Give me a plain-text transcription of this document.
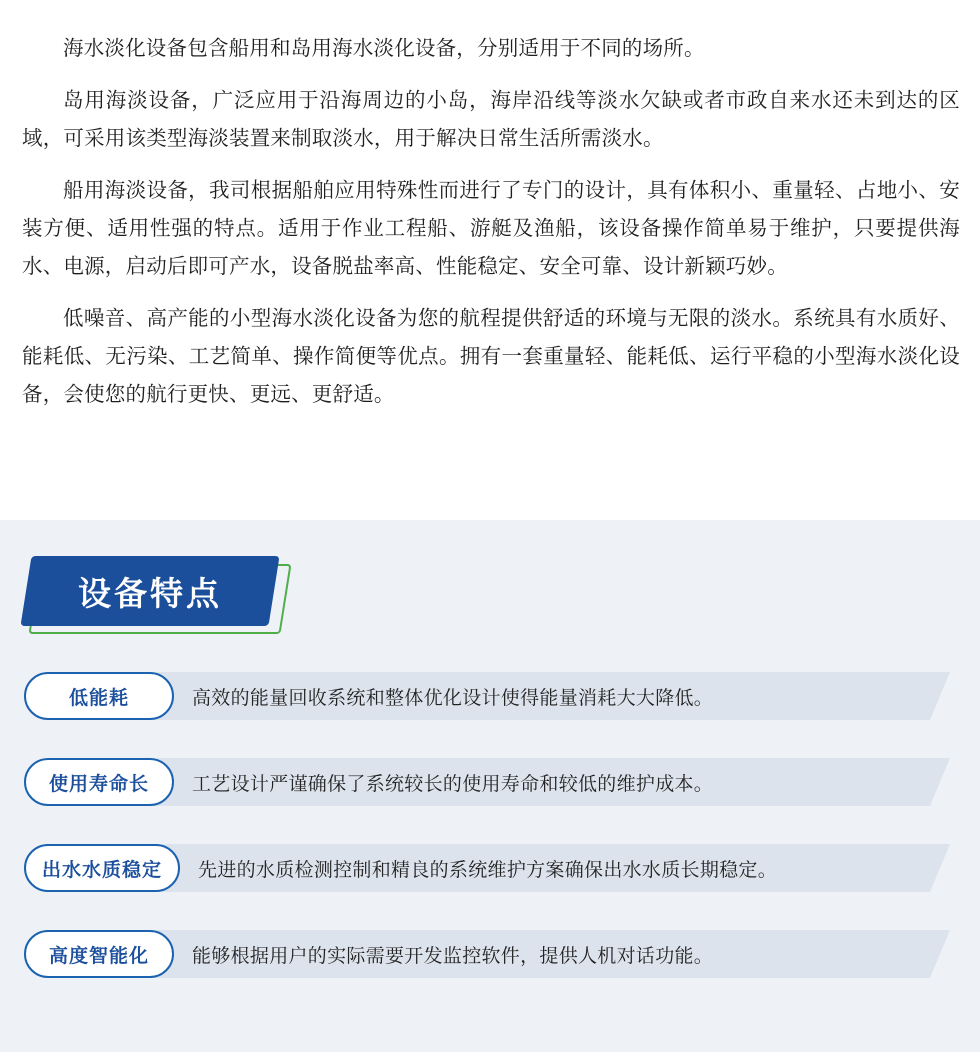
海水淡化设备包含船用和岛用海水淡化设备，分别适用于不同的场所。

岛用海淡设备，广泛应用于沿海周边的小岛，海岸沿线等淡水欠缺或者市政自来水还未到达的区域，可采用该类型海淡装置来制取淡水，用于解决日常生活所需淡水。

船用海淡设备，我司根据船舶应用特殊性而进行了专门的设计，具有体积小、重量轻、占地小、安装方便、适用性强的特点。适用于作业工程船、游艇及渔船，该设备操作简单易于维护，只要提供海水、电源，启动后即可产水，设备脱盐率高、性能稳定、安全可靠、设计新颖巧妙。

低噪音、高产能的小型海水淡化设备为您的航程提供舒适的环境与无限的淡水。系统具有水质好、能耗低、无污染、工艺简单、操作简便等优点。拥有一套重量轻、能耗低、运行平稳的小型海水淡化设备，会使您的航行更快、更远、更舒适。

设备特点
低能耗	高效的能量回收系统和整体优化设计使得能量消耗大大降低。
使用寿命长	工艺设计严谨确保了系统较长的使用寿命和较低的维护成本。
出水水质稳定	先进的水质检测控制和精良的系统维护方案确保出水水质长期稳定。
高度智能化	能够根据用户的实际需要开发监控软件，提供人机对话功能。
